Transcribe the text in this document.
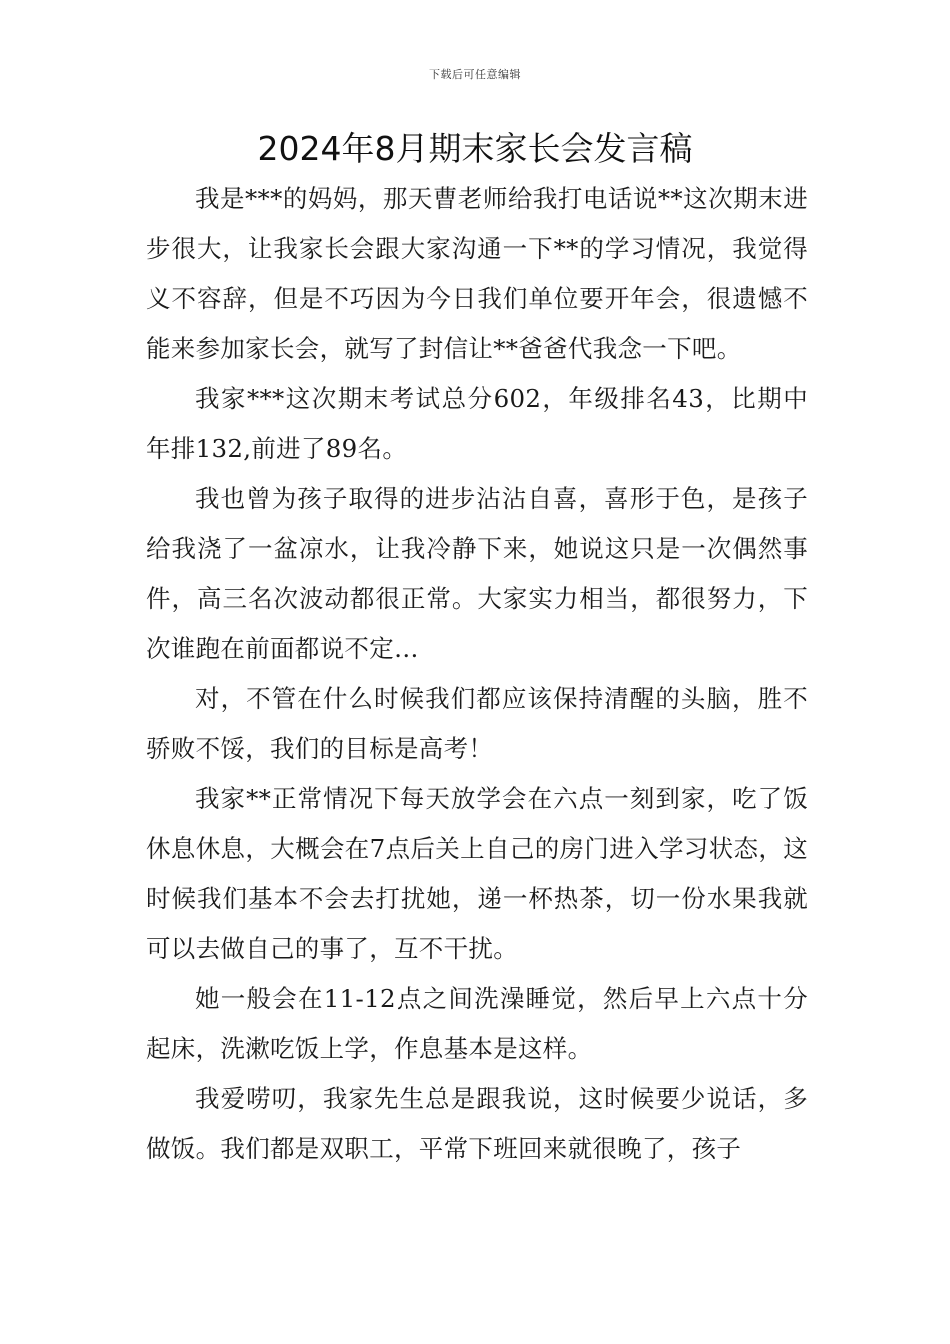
下载后可任意编辑
2024年8月期末家长会发言稿

我是***的妈妈，那天曹老师给我打电话说**这次期末进步很大，让我家长会跟大家沟通一下**的学习情况，我觉得义不容辞，但是不巧因为今日我们单位要开年会，很遗憾不能来参加家长会，就写了封信让**爸爸代我念一下吧。

我家***这次期末考试总分602，年级排名43，比期中年排132,前进了89名。

我也曾为孩子取得的进步沾沾自喜，喜形于色，是孩子给我浇了一盆凉水，让我冷静下来，她说这只是一次偶然事件，高三名次波动都很正常。大家实力相当，都很努力，下次谁跑在前面都说不定…

对，不管在什么时候我们都应该保持清醒的头脑，胜不骄败不馁，我们的目标是高考！

我家**正常情况下每天放学会在六点一刻到家，吃了饭休息休息，大概会在7点后关上自己的房门进入学习状态，这时候我们基本不会去打扰她，递一杯热茶，切一份水果我就可以去做自己的事了，互不干扰。

她一般会在11-12点之间洗澡睡觉，然后早上六点十分起床，洗漱吃饭上学，作息基本是这样。

我爱唠叨，我家先生总是跟我说，这时候要少说话，多做饭。我们都是双职工，平常下班回来就很晚了，孩子
